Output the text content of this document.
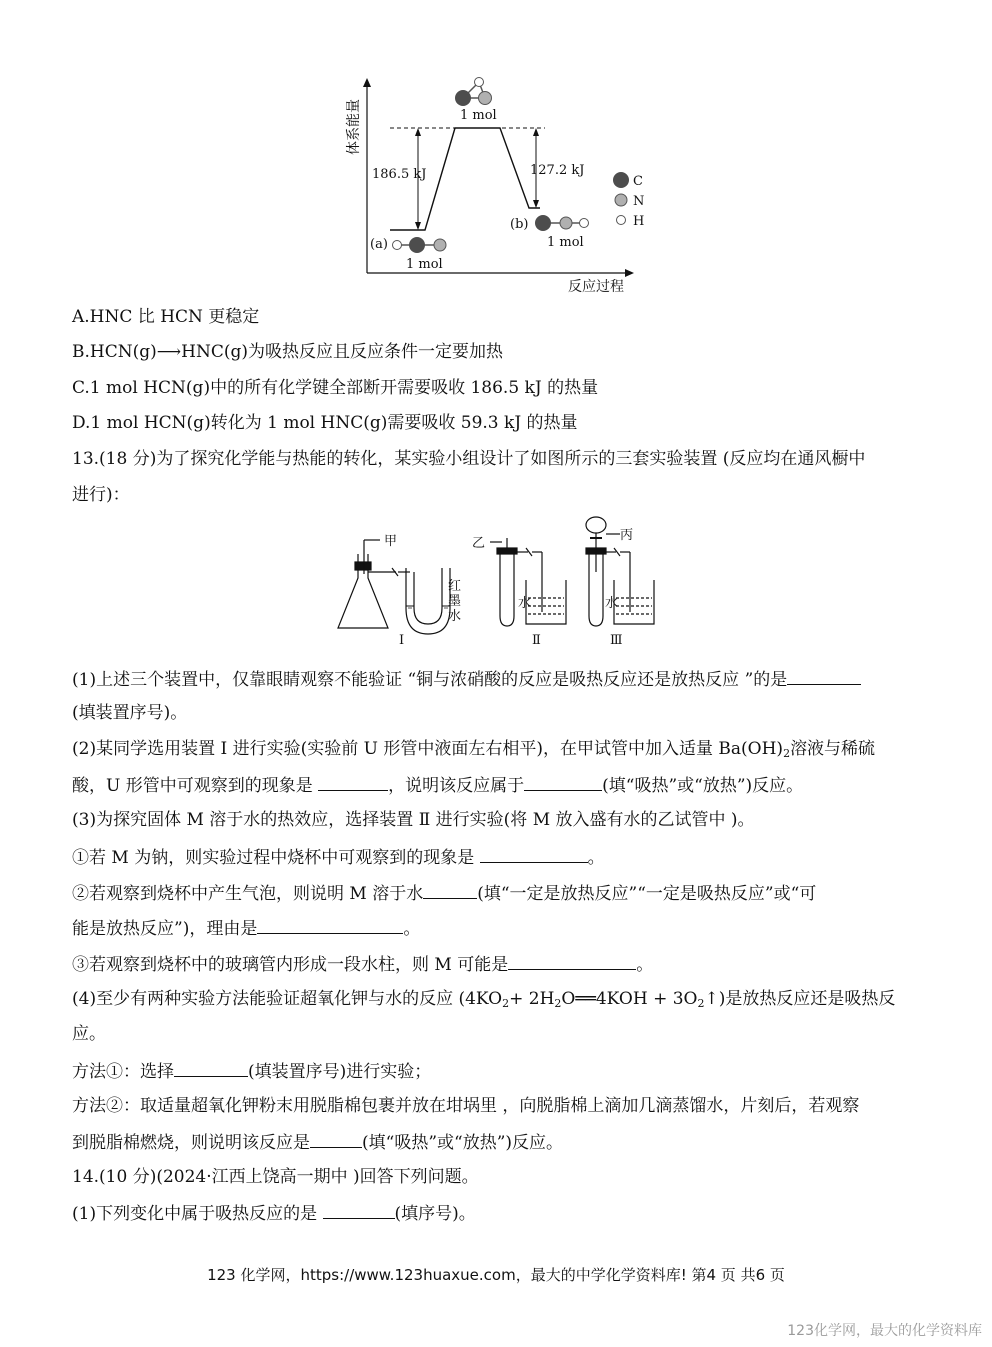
体系能量
反应过程
186.5 kJ	127.2 kJ
1 mol
(a)
1 mol
(b)
1 mol
C
N
H
A.HNC 比 HCN 更稳定
B.HCN(g)⟶HNC(g)为吸热反应且反应条件一定要加热
C.1 mol HCN(g)中的所有化学键全部断开需要吸收 186.5 kJ 的热量
D.1 mol HCN(g)转化为 1 mol HNC(g)需要吸收 59.3 kJ 的热量
13.(18 分)为了探究化学能与热能的转化，某实验小组设计了如图所示的三套实验装置 (反应均在通风橱中
进行)：
甲
红
墨
水
Ⅰ
乙
水
Ⅱ
丙
水
Ⅲ
(1)上述三个装置中，仅靠眼睛观察不能验证 “铜与浓硝酸的反应是吸热反应还是放热反应 ”的是
(填装置序号)。
(2)某同学选用装置 Ⅰ 进行实验(实验前 U 形管中液面左右相平)，在甲试管中加入适量 $Ba(OH)_2$溶液与稀硫
酸，U 形管中可观察到的现象是	，说明该反应属于	(填“吸热”或“放热”)反应。
(3)为探究固体 M 溶于水的热效应，选择装置 Ⅱ 进行实验(将 M 放入盛有水的乙试管中 )。
①若 M 为钠，则实验过程中烧杯中可观察到的现象是	。
②若观察到烧杯中产生气泡，则说明 M 溶于水	(填“一定是放热反应”“一定是吸热反应”或“可
能是放热反应”)，理由是	。
③若观察到烧杯中的玻璃管内形成一段水柱，则 M 可能是	。
(4)至少有两种实验方法能验证超氧化钾与水的反应 ($4KO_2+$ $2H_2O══4KOH$ + $3O_2↑$)是放热反应还是吸热反
应。
方法①：选择	(填装置序号)进行实验；
方法②：取适量超氧化钾粉末用脱脂棉包裹并放在坩埚里 ，向脱脂棉上滴加几滴蒸馏水，片刻后，若观察
到脱脂棉燃烧，则说明该反应是	(填“吸热”或“放热”)反应。
14.(10 分)(2024·江西上饶高一期中 )回答下列问题。
(1)下列变化中属于吸热反应的是	(填序号)。
123 化学网，https://www.123huaxue.com，最大的中学化学资料库! 第4 页 共6 页
123化学网，最大的化学资料库
